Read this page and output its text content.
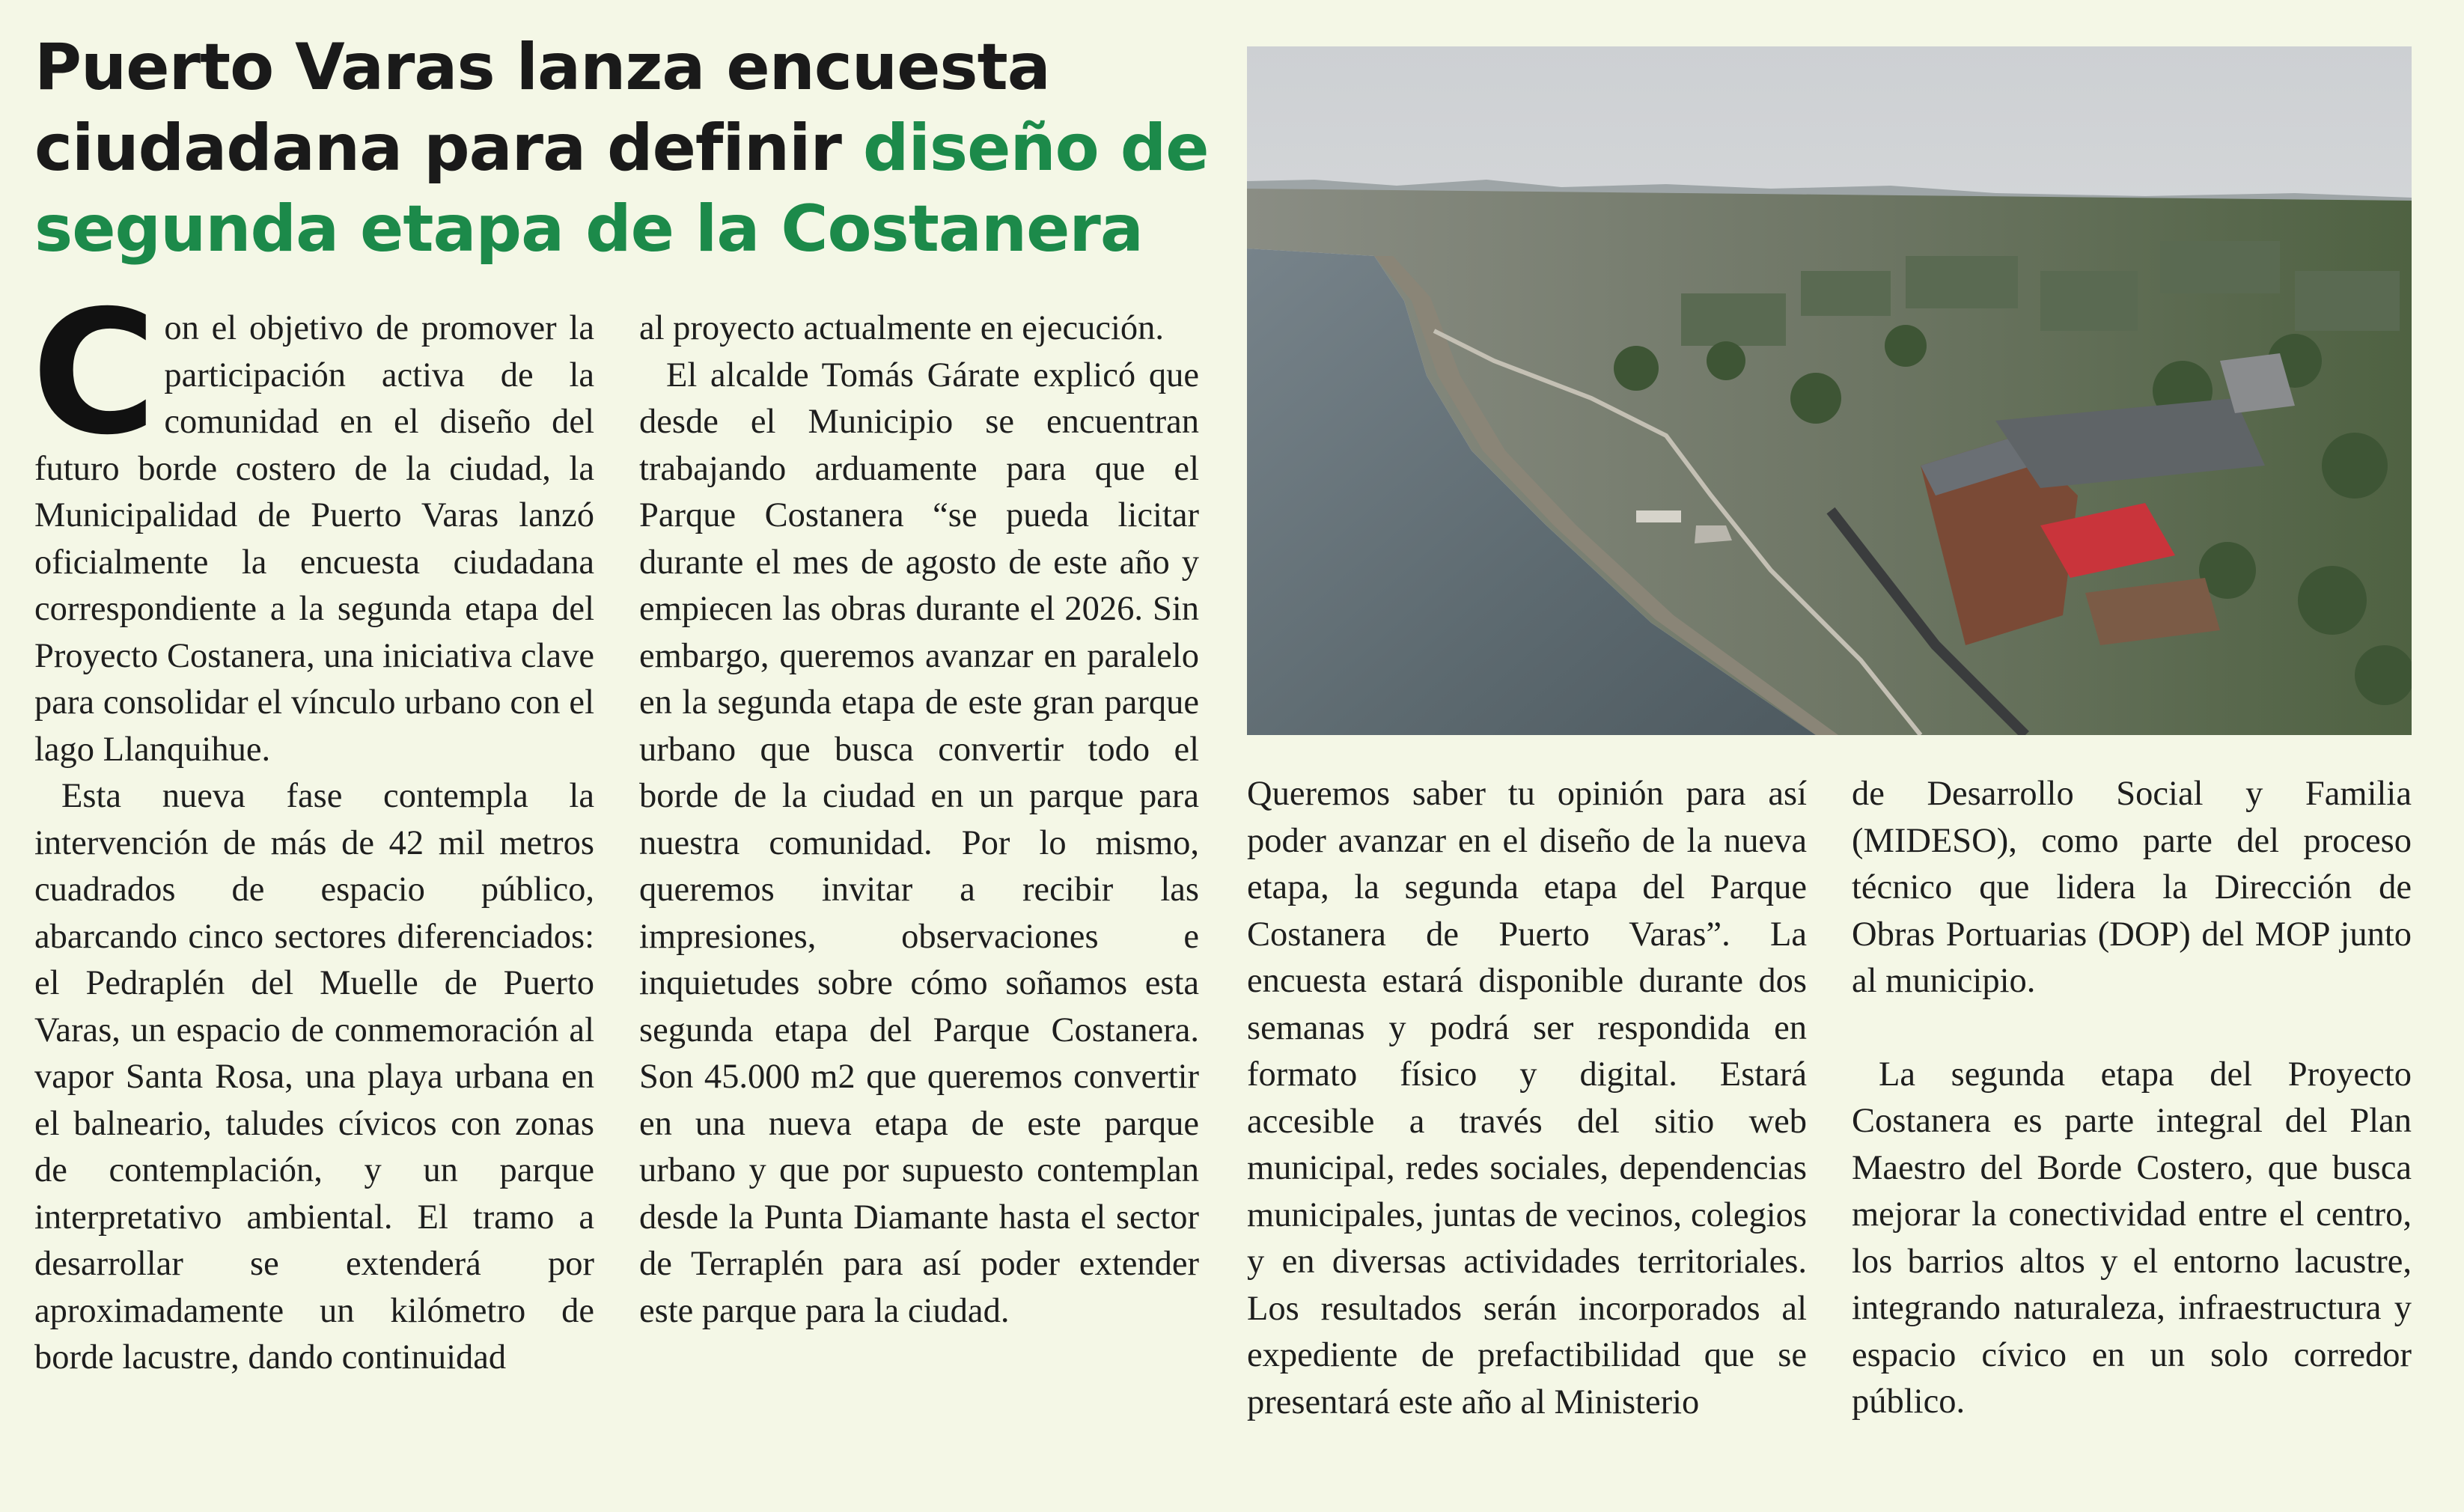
Puerto Varas lanza encuesta ciudadana para definir diseño de segunda etapa de la Costanera

Con el objetivo de promover la participación activa de la comunidad en el diseño del futuro borde costero de la ciudad, la Municipalidad de Puerto Varas lanzó oficialmente la encuesta ciudadana correspondiente a la segunda etapa del Proyecto Costanera, una iniciativa clave para consolidar el vínculo urbano con el lago Llanquihue.

Esta nueva fase contempla la intervención de más de 42 mil metros cuadrados de espacio público, abarcando cinco sectores diferenciados: el Pedraplén del Muelle de Puerto Varas, un espacio de conmemoración al vapor Santa Rosa, una playa urbana en el balneario, taludes cívicos con zonas de contemplación, y un parque interpretativo ambiental. El tramo a desarrollar se extenderá por aproximadamente un kilómetro de borde lacustre, dando continuidad

al proyecto actualmente en ejecución.

El alcalde Tomás Gárate explicó que desde el Municipio se encuentran trabajando arduamente para que el Parque Costanera “se pueda licitar durante el mes de agosto de este año y empiecen las obras durante el 2026. Sin embargo, queremos avanzar en paralelo en la segunda etapa de este gran parque urbano que busca convertir todo el borde de la ciudad en un parque para nuestra comunidad. Por lo mismo, queremos invitar a recibir las impresiones, observaciones e inquietudes sobre cómo soñamos esta segunda etapa del Parque Costanera. Son 45.000 m2 que queremos convertir en una nueva etapa de este parque urbano y que por supuesto contemplan desde la Punta Diamante hasta el sector de Terraplén para así poder extender este parque para la ciudad.

Queremos saber tu opinión para así poder avanzar en el diseño de la nueva etapa, la segunda etapa del Parque Costanera de Puerto Varas”. La encuesta estará disponible durante dos semanas y podrá ser respondida en formato físico y digital. Estará accesible a través del sitio web municipal, redes sociales, dependencias municipales, juntas de vecinos, colegios y en diversas actividades territoriales. Los resultados serán incorporados al expediente de prefactibilidad que se presentará este año al Ministerio

de Desarrollo Social y Familia (MIDESO), como parte del proceso técnico que lidera la Dirección de Obras Portuarias (DOP) del MOP junto al municipio.

La segunda etapa del Proyecto Costanera es parte integral del Plan Maestro del Borde Costero, que busca mejorar la conectividad entre el centro, los barrios altos y el entorno lacustre, integrando naturaleza, infraestructura y espacio cívico en un solo corredor público.
